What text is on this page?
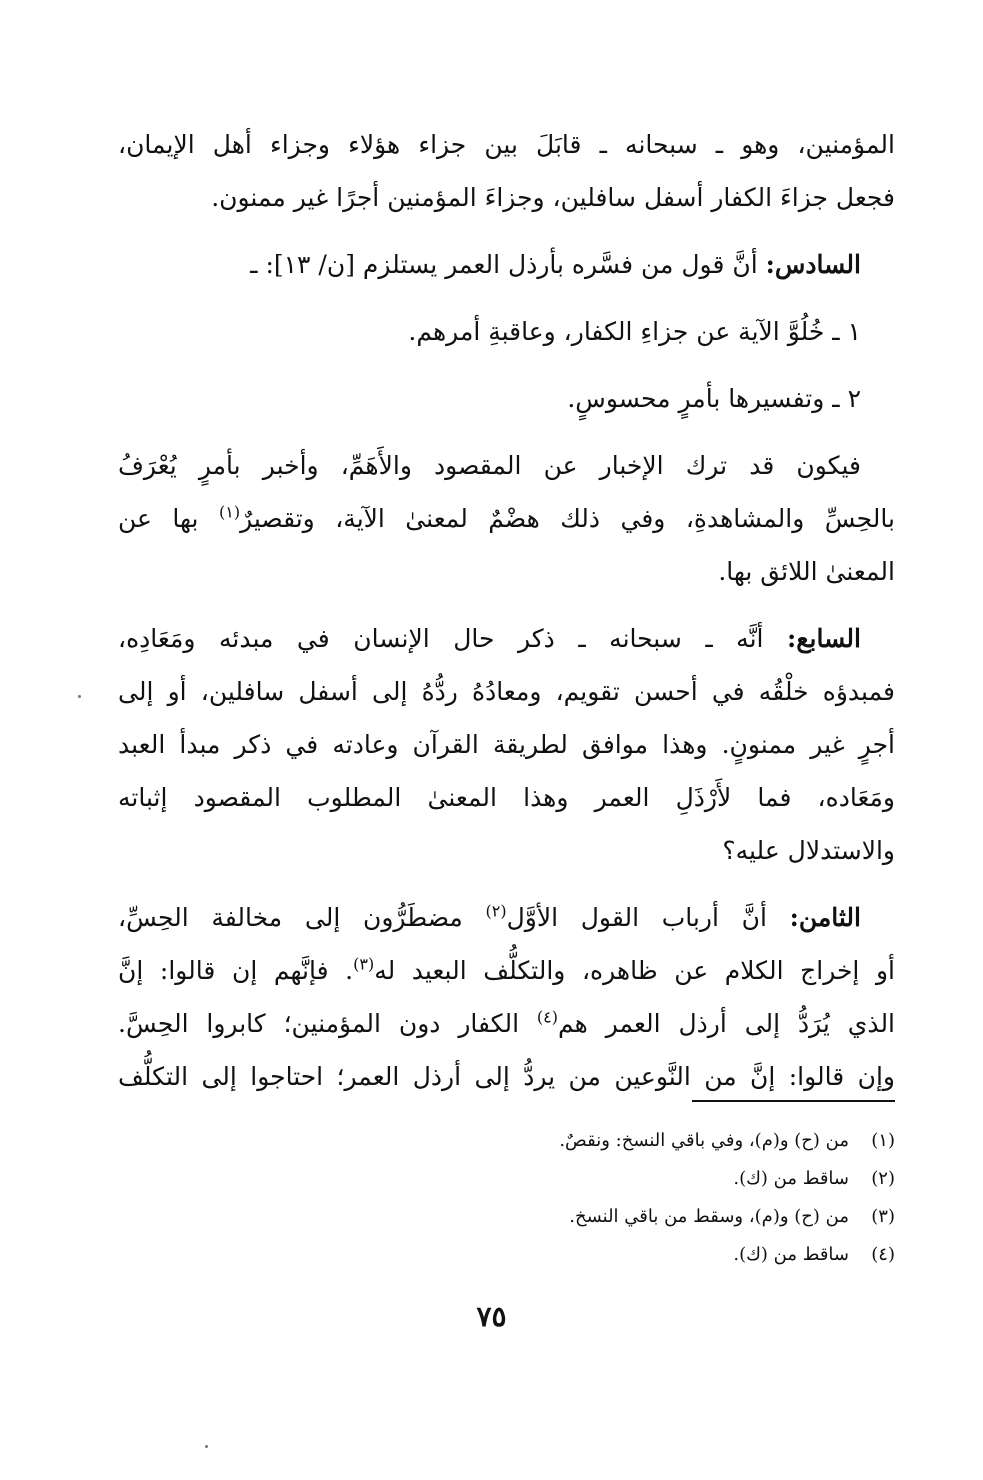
المؤمنين، وهو ـ سبحانه ـ قابَلَ بين جزاء هؤلاء وجزاء أهل الإيمان،
فجعل جزاءَ الكفار أسفل سافلين، وجزاءَ المؤمنين أجرًا غير ممنون.
السادس: أنَّ قول من فسَّره بأرذل العمر يستلزم [ن/ ١٣]: ـ
١ ـ خُلُوَّ الآية عن جزاءِ الكفار، وعاقبةِ أمرهم.
٢ ـ وتفسيرها بأمرٍ محسوسٍ.
فيكون قد ترك الإخبار عن المقصود والأَهَمِّ، وأخبر بأمرٍ يُعْرَفُ
بالحِسِّ والمشاهدةِ، وفي ذلك هضْمٌ لمعنىٰ الآية، وتقصيرٌ$^{(١)}$ بها عن
المعنىٰ اللائق بها.
السابع: أنَّه ـ سبحانه ـ ذكر حال الإنسان في مبدئه ومَعَادِه،
فمبدؤه خلْقُه في أحسن تقويم، ومعادُهُ ردُّهُ إلى أسفل سافلين، أو إلى
أجرٍ غير ممنونٍ. وهذا موافق لطريقة القرآن وعادته في ذكر مبدأ العبد
ومَعَاده، فما لأَرْذَلِ العمر وهذا المعنىٰ المطلوب المقصود إثباته
والاستدلال عليه؟
الثامن: أنَّ أرباب القول الأوَّل$^{(٢)}$ مضطَرُّون إلى مخالفة الحِسِّ،
أو إخراج الكلام عن ظاهره، والتكلُّف البعيد له$^{(٣)}$. فإنَّهم إن قالوا: إنَّ
الذي يُرَدُّ إلى أرذل العمر هم$^{(٤)}$ الكفار دون المؤمنين؛ كابروا الحِسَّ.
وإن قالوا: إنَّ من النَّوعين من يردُّ إلى أرذل العمر؛ احتاجوا إلى التكلُّف
(١)من (ح) و(م)، وفي باقي النسخ: ونقصٌ.
(٢)ساقط من (ك).
(٣)من (ح) و(م)، وسقط من باقي النسخ.
(٤)ساقط من (ك).
٧٥
